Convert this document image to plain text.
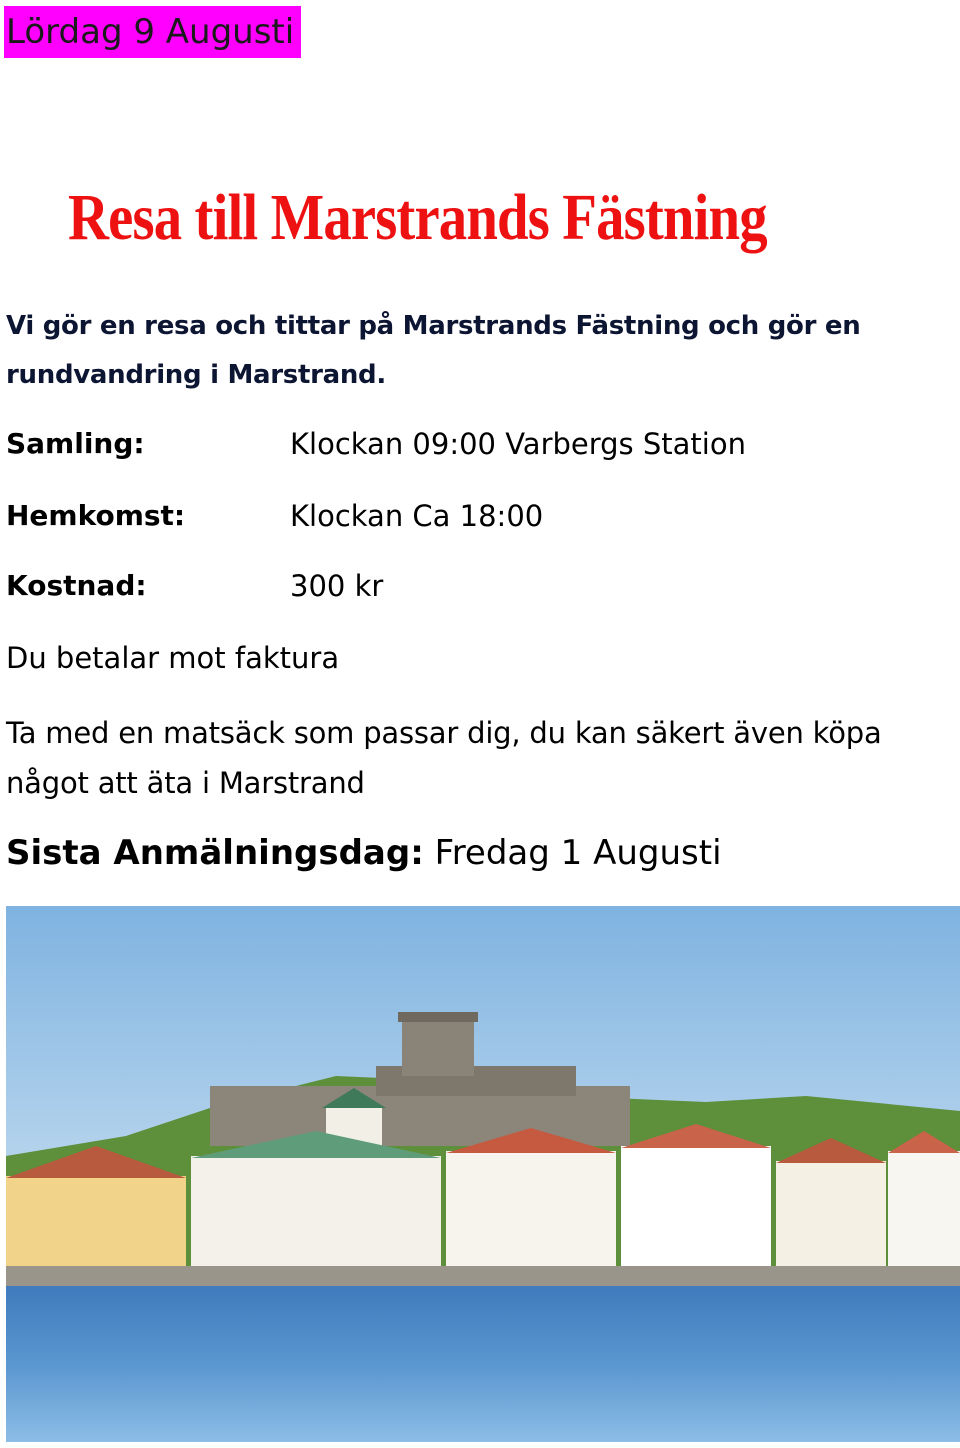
Lördag 9 Augusti
Resa till Marstrands Fästning
Vi gör en resa och tittar på Marstrands Fästning och gör en rundvandring i Marstrand.
Samling:	Klockan 09:00 Varbergs Station
Hemkomst:	Klockan Ca 18:00
Kostnad:	300 kr
Du betalar mot faktura
Ta med en matsäck som passar dig, du kan säkert även köpa något att äta i Marstrand
Sista Anmälningsdag: Fredag 1 Augusti
